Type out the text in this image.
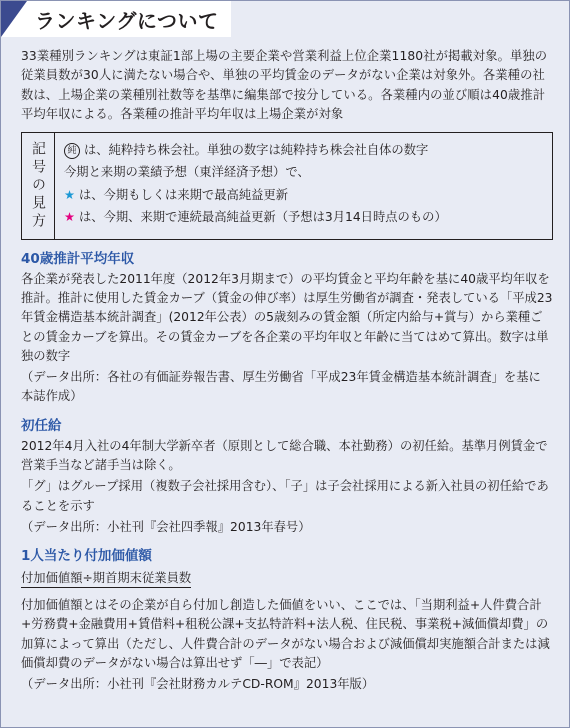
ランキングについて

33業種別ランキングは東証1部上場の主要企業や営業利益上位企業1180社が掲載対象。単独の従業員数が30人に満たない場合や、単独の平均賃金のデータがない企業は対象外。各業種の社数は、上場企業の業種別社数等を基準に編集部で按分している。各業種内の並び順は40歳推計平均年収による。各業種の推計平均年収は上場企業が対象

記号の見方	純 は、純粋持ち株会社。単独の数字は純粋持ち株会社自体の数字
今期と来期の業績予想（東洋経済予想）で、
★ は、今期もしくは来期で最高純益更新
★ は、今期、来期で連続最高純益更新（予想は3月14日時点のもの）
40歳推計平均年収

各企業が発表した2011年度（2012年3月期まで）の平均賃金と平均年齢を基に40歳平均年収を推計。推計に使用した賃金カーブ（賃金の伸び率）は厚生労働省が調査・発表している「平成23年賃金構造基本統計調査」(2012年公表）の5歳刻みの賃金額（所定内給与+賞与）から業種ごとの賃金カーブを算出。その賃金カーブを各企業の平均年収と年齢に当てはめて算出。数字は単独の数字

（データ出所：各社の有価証券報告書、厚生労働省「平成23年賃金構造基本統計調査」を基に本誌作成）

初任給

2012年4月入社の4年制大学新卒者（原則として総合職、本社勤務）の初任給。基準月例賃金で営業手当など諸手当は除く。

「グ」はグループ採用（複数子会社採用含む）、「子」は子会社採用による新入社員の初任給であることを示す

（データ出所：小社刊『会社四季報』2013年春号）

1人当たり付加価値額
付加価値額÷期首期末従業員数

付加価値額とはその企業が自ら付加し創造した価値をいい、ここでは、「当期利益+人件費合計+労務費+金融費用+賃借料+租税公課+支払特許料+法人税、住民税、事業税+減価償却費」の加算によって算出（ただし、人件費合計のデータがない場合および減価償却実施額合計または減価償却費のデータがない場合は算出せず「―」で表記）

（データ出所：小社刊『会社財務カルテCD-ROM』2013年版）
